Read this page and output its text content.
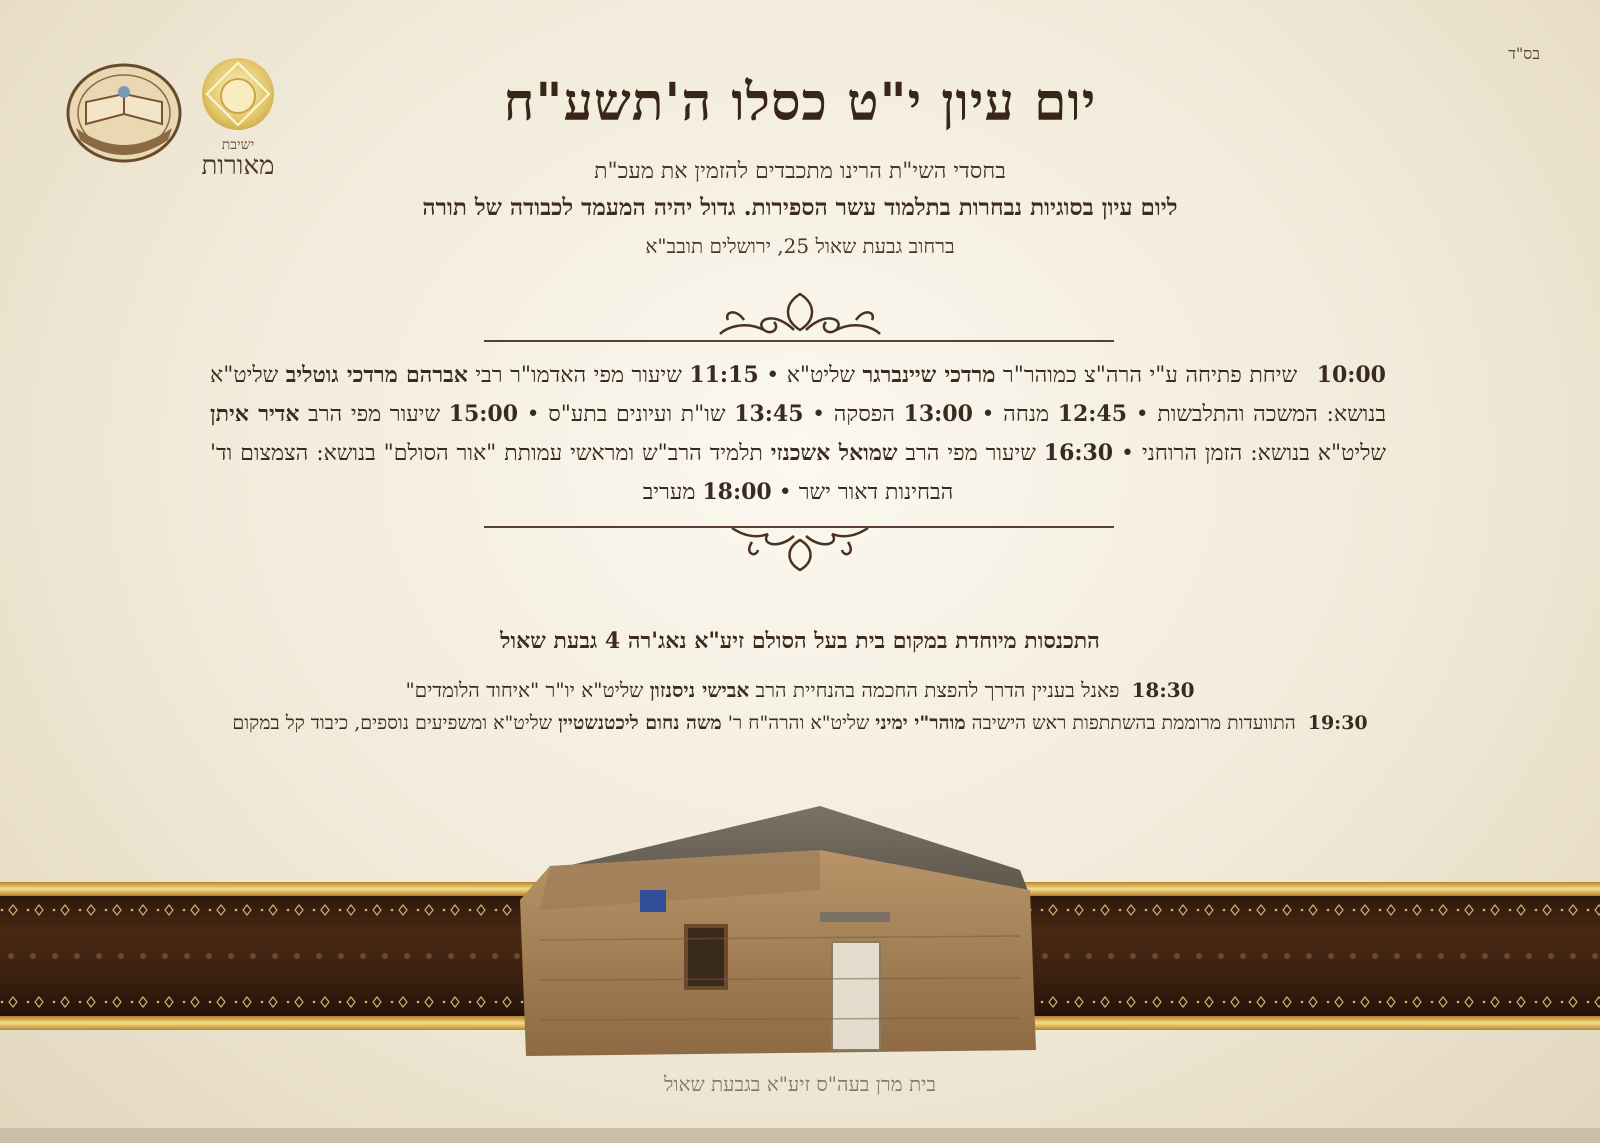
בס"ד
ישיבת
מאורות
יום עיון י"ט כסלו ה'תשע"ח
בחסדי השי"ת הרינו מתכבדים להזמין את מעכ"ת
ליום עיון בסוגיות נבחרות בתלמוד עשר הספירות. גדול יהיה המעמד לכבודה של תורה
ברחוב גבעת שאול 25, ירושלים תובב"א
10:00 שיחת פתיחה ע"י הרה"צ כמוהר"ר מרדכי שיינברגר שליט"א • 11:15 שיעור מפי האדמו"ר רבי אברהם מרדכי גוטליב שליט"א בנושא: המשכה והתלבשות • 12:45 מנחה • 13:00 הפסקה • 13:45 שו"ת ועיונים בתע"ס • 15:00 שיעור מפי הרב אדיר איתן שליט"א בנושא: הזמן הרוחני • 16:30 שיעור מפי הרב שמואל אשכנזי תלמיד הרב"ש ומראשי עמותת "אור הסולם" בנושא: הצמצום וד' הבחינות דאור ישר • 18:00 מעריב
התכנסות מיוחדת במקום בית בעל הסולם זיע"א נאג'רה 4 גבעת שאול
18:30פאנל בעניין הדרך להפצת החכמה בהנחיית הרב אבישי ניסנזון שליט"א יו"ר "איחוד הלומדים"
19:30התוועדות מרוממת בהשתתפות ראש הישיבה מוהר"י ימיני שליט"א והרה"ח ר' משה נחום ליכטנשטיין שליט"א ומשפיעים נוספים, כיבוד קל במקום
בית מרן בעה"ס זיע"א בגבעת שאול
